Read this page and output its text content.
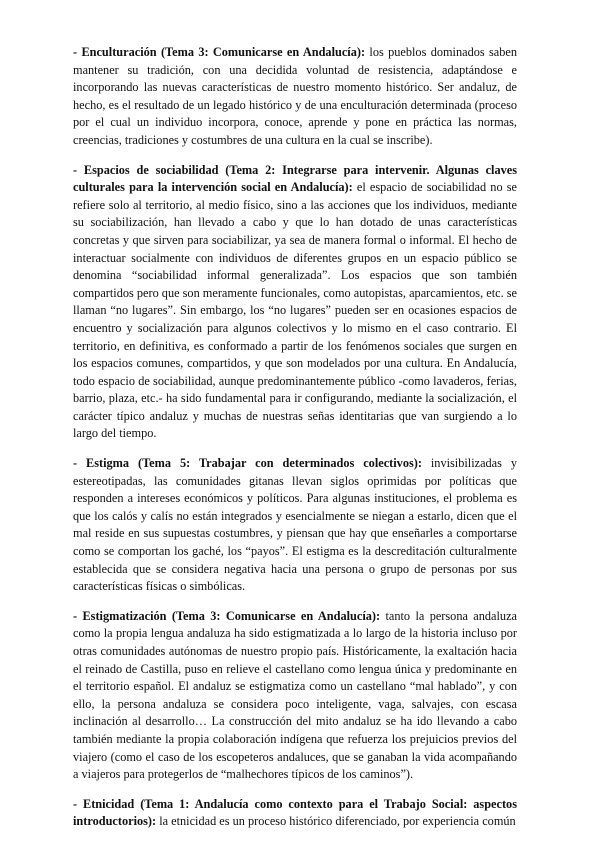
- Enculturación (Tema 3: Comunicarse en Andalucía): los pueblos dominados saben mantener su tradición, con una decidida voluntad de resistencia, adaptándose e incorporando las nuevas características de nuestro momento histórico. Ser andaluz, de hecho, es el resultado de un legado histórico y de una enculturación determinada (proceso por el cual un individuo incorpora, conoce, aprende y pone en práctica las normas, creencias, tradiciones y costumbres de una cultura en la cual se inscribe).

- Espacios de sociabilidad (Tema 2: Integrarse para intervenir. Algunas claves culturales para la intervención social en Andalucía): el espacio de sociabilidad no se refiere solo al territorio, al medio físico, sino a las acciones que los individuos, mediante su sociabilización, han llevado a cabo y que lo han dotado de unas características concretas y que sirven para sociabilizar, ya sea de manera formal o informal. El hecho de interactuar socialmente con individuos de diferentes grupos en un espacio público se denomina “sociabilidad informal generalizada”. Los espacios que son también compartidos pero que son meramente funcionales, como autopistas, aparcamientos, etc. se llaman “no lugares”. Sin embargo, los “no lugares” pueden ser en ocasiones espacios de encuentro y socialización para algunos colectivos y lo mismo en el caso contrario. El territorio, en definitiva, es conformado a partir de los fenómenos sociales que surgen en los espacios comunes, compartidos, y que son modelados por una cultura. En Andalucía, todo espacio de sociabilidad, aunque predominantemente público -como lavaderos, ferias, barrio, plaza, etc.- ha sido fundamental para ir configurando, mediante la socialización, el carácter típico andaluz y muchas de nuestras señas identitarias que van surgiendo a lo largo del tiempo.

- Estigma (Tema 5: Trabajar con determinados colectivos): invisibilizadas y estereotipadas, las comunidades gitanas llevan siglos oprimidas por políticas que responden a intereses económicos y políticos. Para algunas instituciones, el problema es que los calós y calís no están integrados y esencialmente se niegan a estarlo, dicen que el mal reside en sus supuestas costumbres, y piensan que hay que enseñarles a comportarse como se comportan los gaché, los “payos”. El estigma es la descreditación culturalmente establecida que se considera negativa hacia una persona o grupo de personas por sus características físicas o simbólicas.

- Estigmatización (Tema 3: Comunicarse en Andalucía): tanto la persona andaluza como la propia lengua andaluza ha sido estigmatizada a lo largo de la historia incluso por otras comunidades autónomas de nuestro propio país. Históricamente, la exaltación hacia el reinado de Castilla, puso en relieve el castellano como lengua única y predominante en el territorio español. El andaluz se estigmatiza como un castellano “mal hablado”, y con ello, la persona andaluza se considera poco inteligente, vaga, salvajes, con escasa inclinación al desarrollo… La construcción del mito andaluz se ha ido llevando a cabo también mediante la propia colaboración indígena que refuerza los prejuicios previos del viajero (como el caso de los escopeteros andaluces, que se ganaban la vida acompañando a viajeros para protegerlos de “malhechores típicos de los caminos”).

- Etnicidad (Tema 1: Andalucía como contexto para el Trabajo Social: aspectos introductorios): la etnicidad es un proceso histórico diferenciado, por experiencia común
